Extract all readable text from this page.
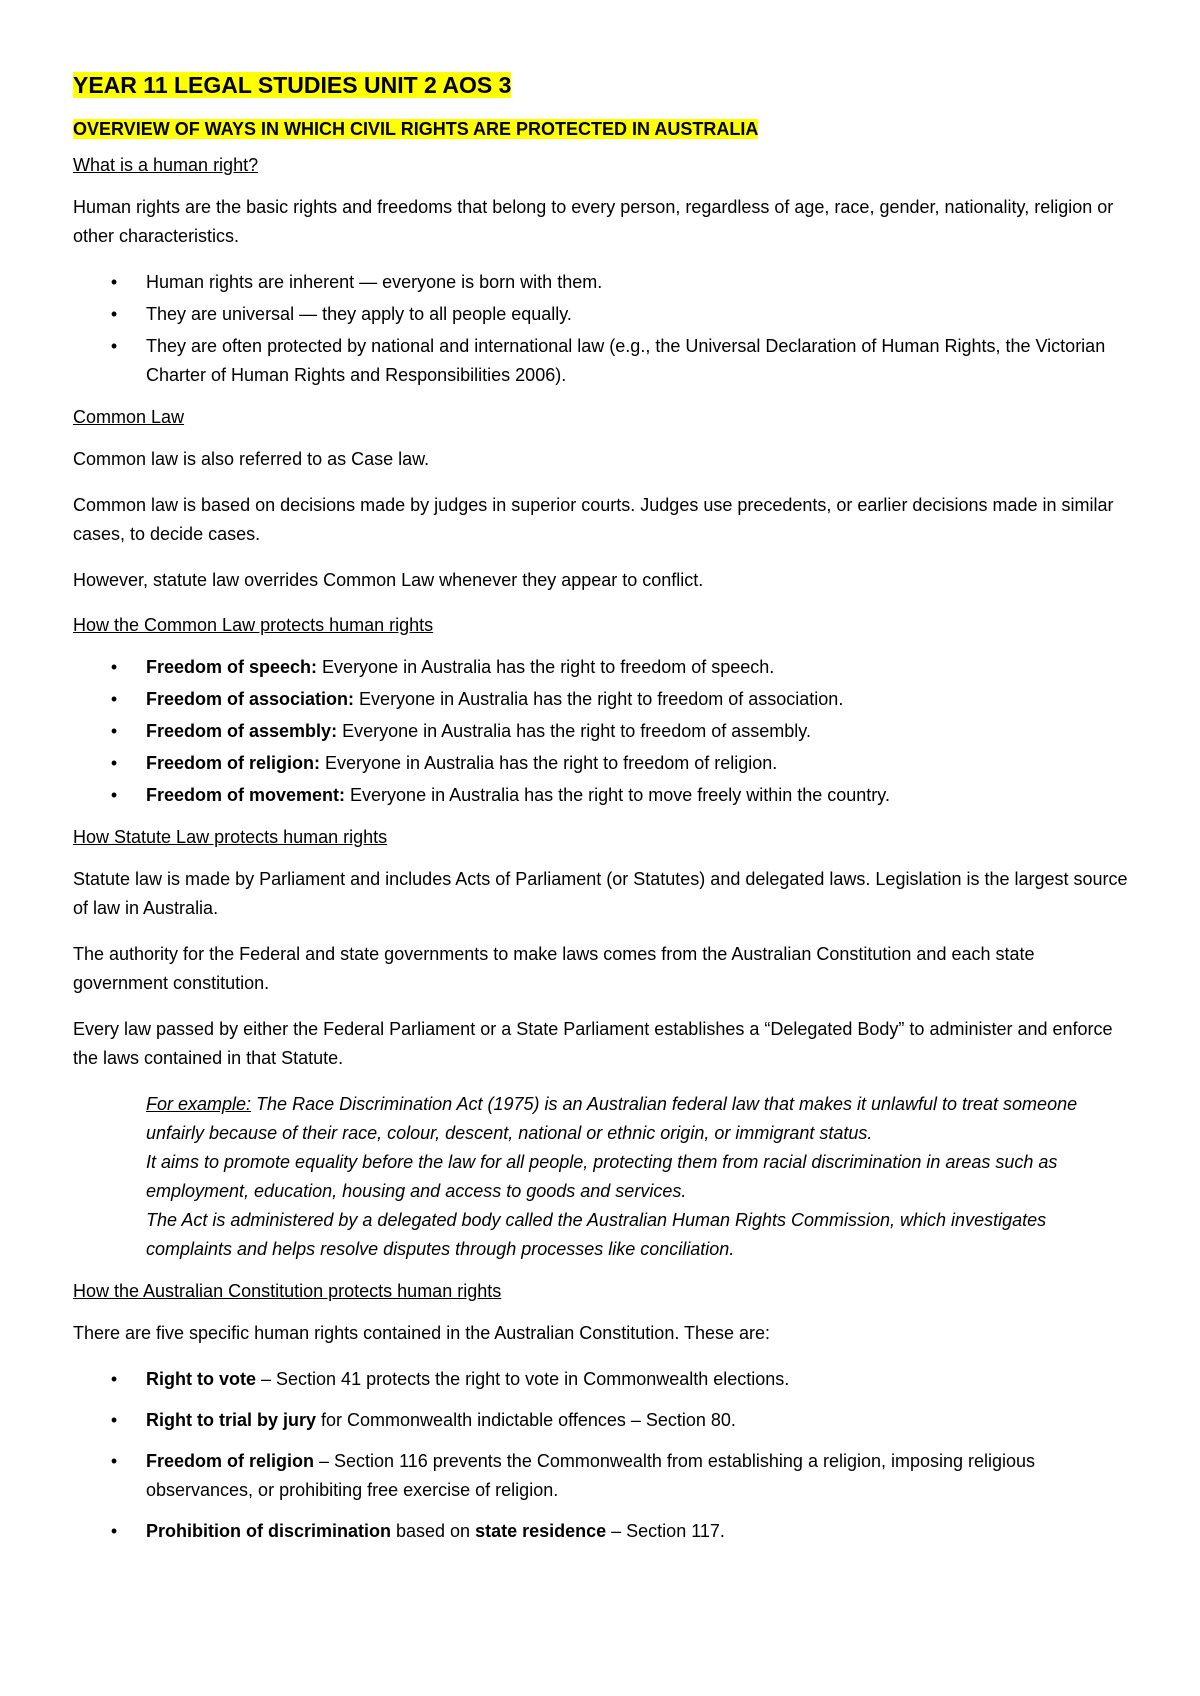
YEAR 11 LEGAL STUDIES UNIT 2 AOS 3
OVERVIEW OF WAYS IN WHICH CIVIL RIGHTS ARE PROTECTED IN AUSTRALIA
What is a human right?
Human rights are the basic rights and freedoms that belong to every person, regardless of age, race, gender, nationality, religion or other characteristics.
• Human rights are inherent — everyone is born with them.
• They are universal — they apply to all people equally.
• They are often protected by national and international law (e.g., the Universal Declaration of Human Rights, the Victorian Charter of Human Rights and Responsibilities 2006).
Common Law
Common law is also referred to as Case law.
Common law is based on decisions made by judges in superior courts. Judges use precedents, or earlier decisions made in similar cases, to decide cases.
However, statute law overrides Common Law whenever they appear to conflict.
How the Common Law protects human rights
• Freedom of speech: Everyone in Australia has the right to freedom of speech.
• Freedom of association: Everyone in Australia has the right to freedom of association.
• Freedom of assembly: Everyone in Australia has the right to freedom of assembly.
• Freedom of religion: Everyone in Australia has the right to freedom of religion.
• Freedom of movement: Everyone in Australia has the right to move freely within the country.
How Statute Law protects human rights
Statute law is made by Parliament and includes Acts of Parliament (or Statutes) and delegated laws. Legislation is the largest source of law in Australia.
The authority for the Federal and state governments to make laws comes from the Australian Constitution and each state government constitution.
Every law passed by either the Federal Parliament or a State Parliament establishes a “Delegated Body” to administer and enforce the laws contained in that Statute.
For example: The Race Discrimination Act (1975) is an Australian federal law that makes it unlawful to treat someone unfairly because of their race, colour, descent, national or ethnic origin, or immigrant status.
It aims to promote equality before the law for all people, protecting them from racial discrimination in areas such as employment, education, housing and access to goods and services.
The Act is administered by a delegated body called the Australian Human Rights Commission, which investigates complaints and helps resolve disputes through processes like conciliation.
How the Australian Constitution protects human rights
There are five specific human rights contained in the Australian Constitution. These are:
• Right to vote – Section 41 protects the right to vote in Commonwealth elections.
• Right to trial by jury for Commonwealth indictable offences – Section 80.
• Freedom of religion – Section 116 prevents the Commonwealth from establishing a religion, imposing religious observances, or prohibiting free exercise of religion.
• Prohibition of discrimination based on state residence – Section 117.
